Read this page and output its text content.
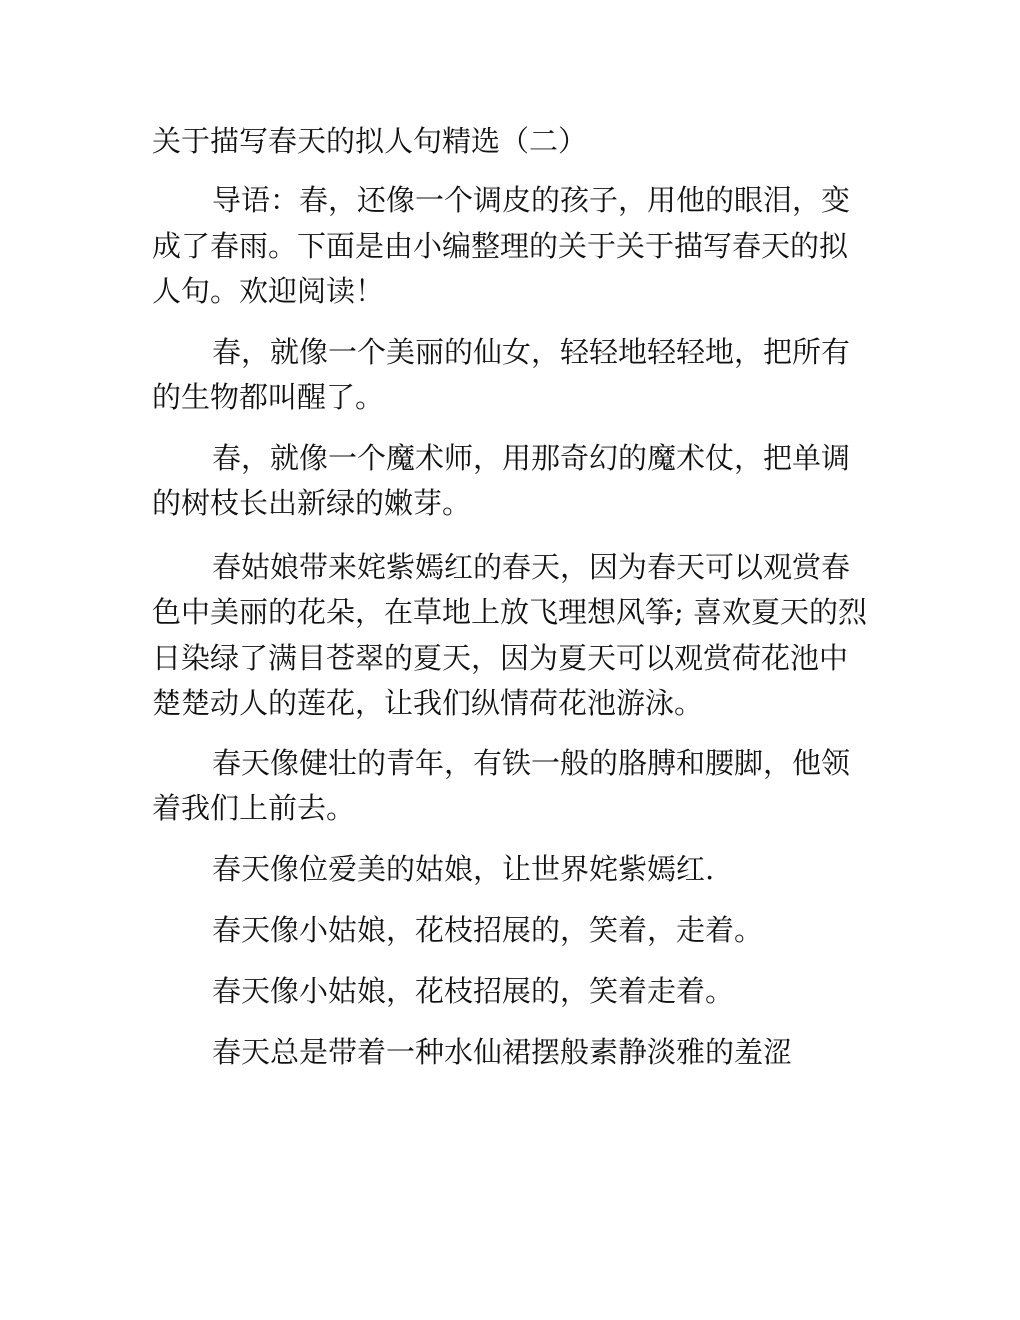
关于描写春天的拟人句精选（二）

导语：春，还像一个调皮的孩子，用他的眼泪，变成了春雨。下面是由小编整理的关于关于描写春天的拟人句。欢迎阅读！

春，就像一个美丽的仙女，轻轻地轻轻地，把所有的生物都叫醒了。

春，就像一个魔术师，用那奇幻的魔术仗，把单调的树枝长出新绿的嫩芽。

春姑娘带来姹紫嫣红的春天，因为春天可以观赏春色中美丽的花朵，在草地上放飞理想风筝; 喜欢夏天的烈日染绿了满目苍翠的夏天，因为夏天可以观赏荷花池中楚楚动人的莲花，让我们纵情荷花池游泳。

春天像健壮的青年，有铁一般的胳膊和腰脚，他领着我们上前去。

春天像位爱美的姑娘，让世界姹紫嫣红.

春天像小姑娘，花枝招展的，笑着，走着。

春天像小姑娘，花枝招展的，笑着走着。

春天总是带着一种水仙裙摆般素静淡雅的羞涩
